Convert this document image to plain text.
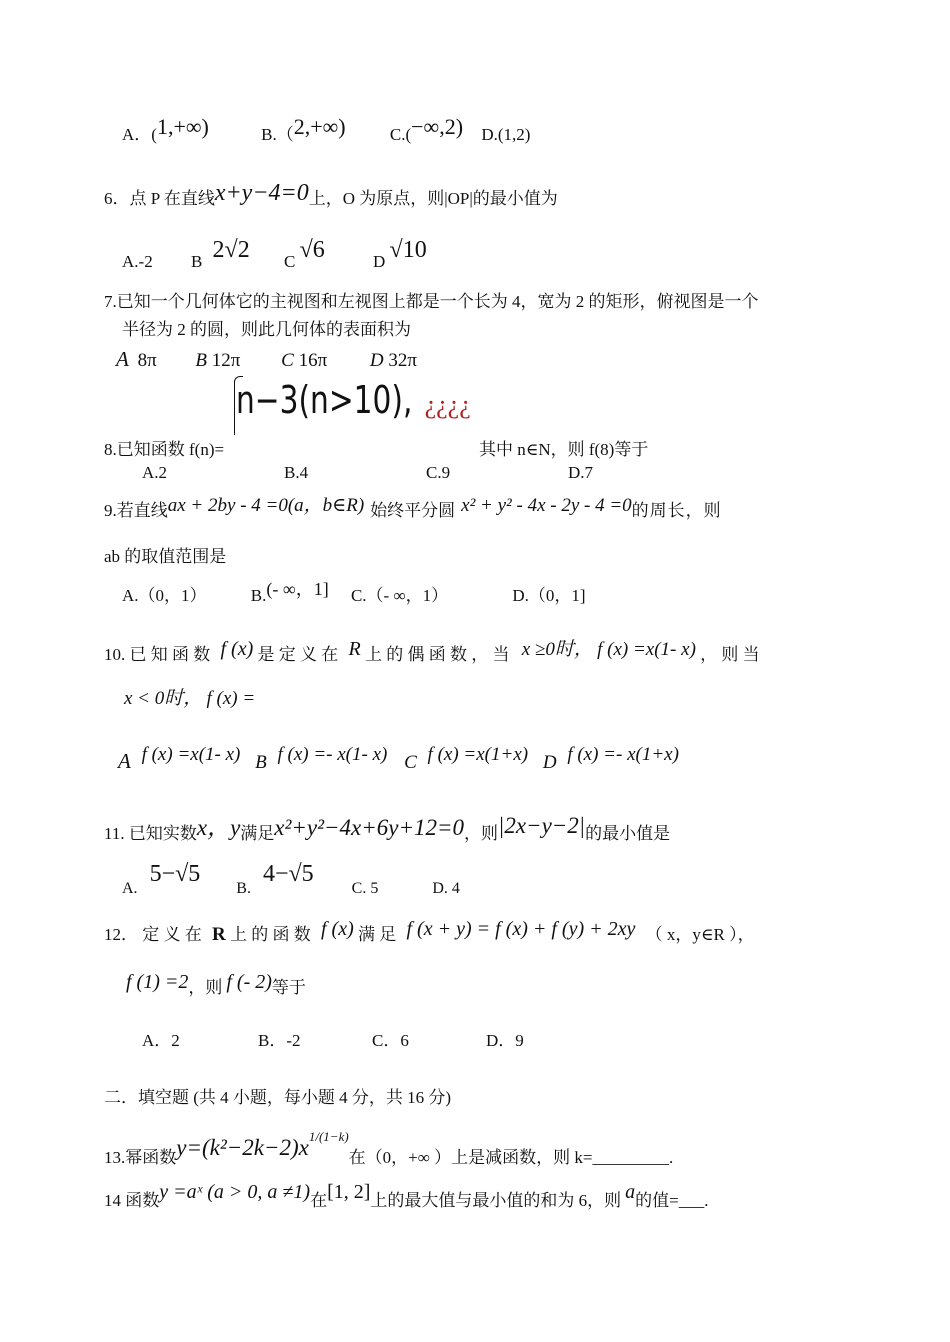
A．(1,+∞)	B.（2,+∞)	C.(−∞,2) D.(1,2)
6．点 P 在直线x+y−4=0上，O 为原点，则|OP|的最小值为
A.-2 B 2√2 C √6	D √10
7.已知一个几何体它的主视图和左视图上都是一个长为 4，宽为 2 的矩形，俯视图是一个
半径为 2 的圆，则此几何体的表面积为
A 8π B 12π C 16π D 32π
8.已知函数 f(n)= n−3(n>10), ¿¿¿¿ 其中 n∈N，则 f(8)等于
A.2	B.4	C.9	D.7
9.若直线ax + 2by - 4 =0(a，b∈R) 始终平分圆 x² + y² - 4x - 2y - 4 =0的周长，则
ab 的取值范围是
A.（0，1）	B.(- ∞，1] C.（- ∞，1）	D.（0，1]
10. 已 知 函 数 f (x) 是 定 义 在 R 上 的 偶 函 数 ， 当 x ≥0时， f (x) =x(1- x) ， 则 当
x < 0时， f (x) =
A f (x) =x(1- x) B f (x) =- x(1- x) C f (x) =x(1+x) D f (x) =- x(1+x)
11. 已知实数x，y满足x²+y²−4x+6y+12=0，则|2x−y−2|的最小值是
A. 5−√5 B. 4−√5 C. 5	D. 4
12． 定 义 在 R 上 的 函 数 f (x) 满 足 f (x + y) = f (x) + f (y) + 2xy （ x，y∈R ），
f (1) =2，则 f (- 2)等于
A．2	B．-2	C．6	D．9
二．填空题 (共 4 小题，每小题 4 分，共 16 分)
13.幂函数y=(k²−2k−2)x1/(1−k)在（0，+∞ ）上是减函数，则 k=_________.
14 函数y =aˣ (a > 0, a ≠1)在[1, 2]上的最大值与最小值的和为 6，则 a的值=___.
